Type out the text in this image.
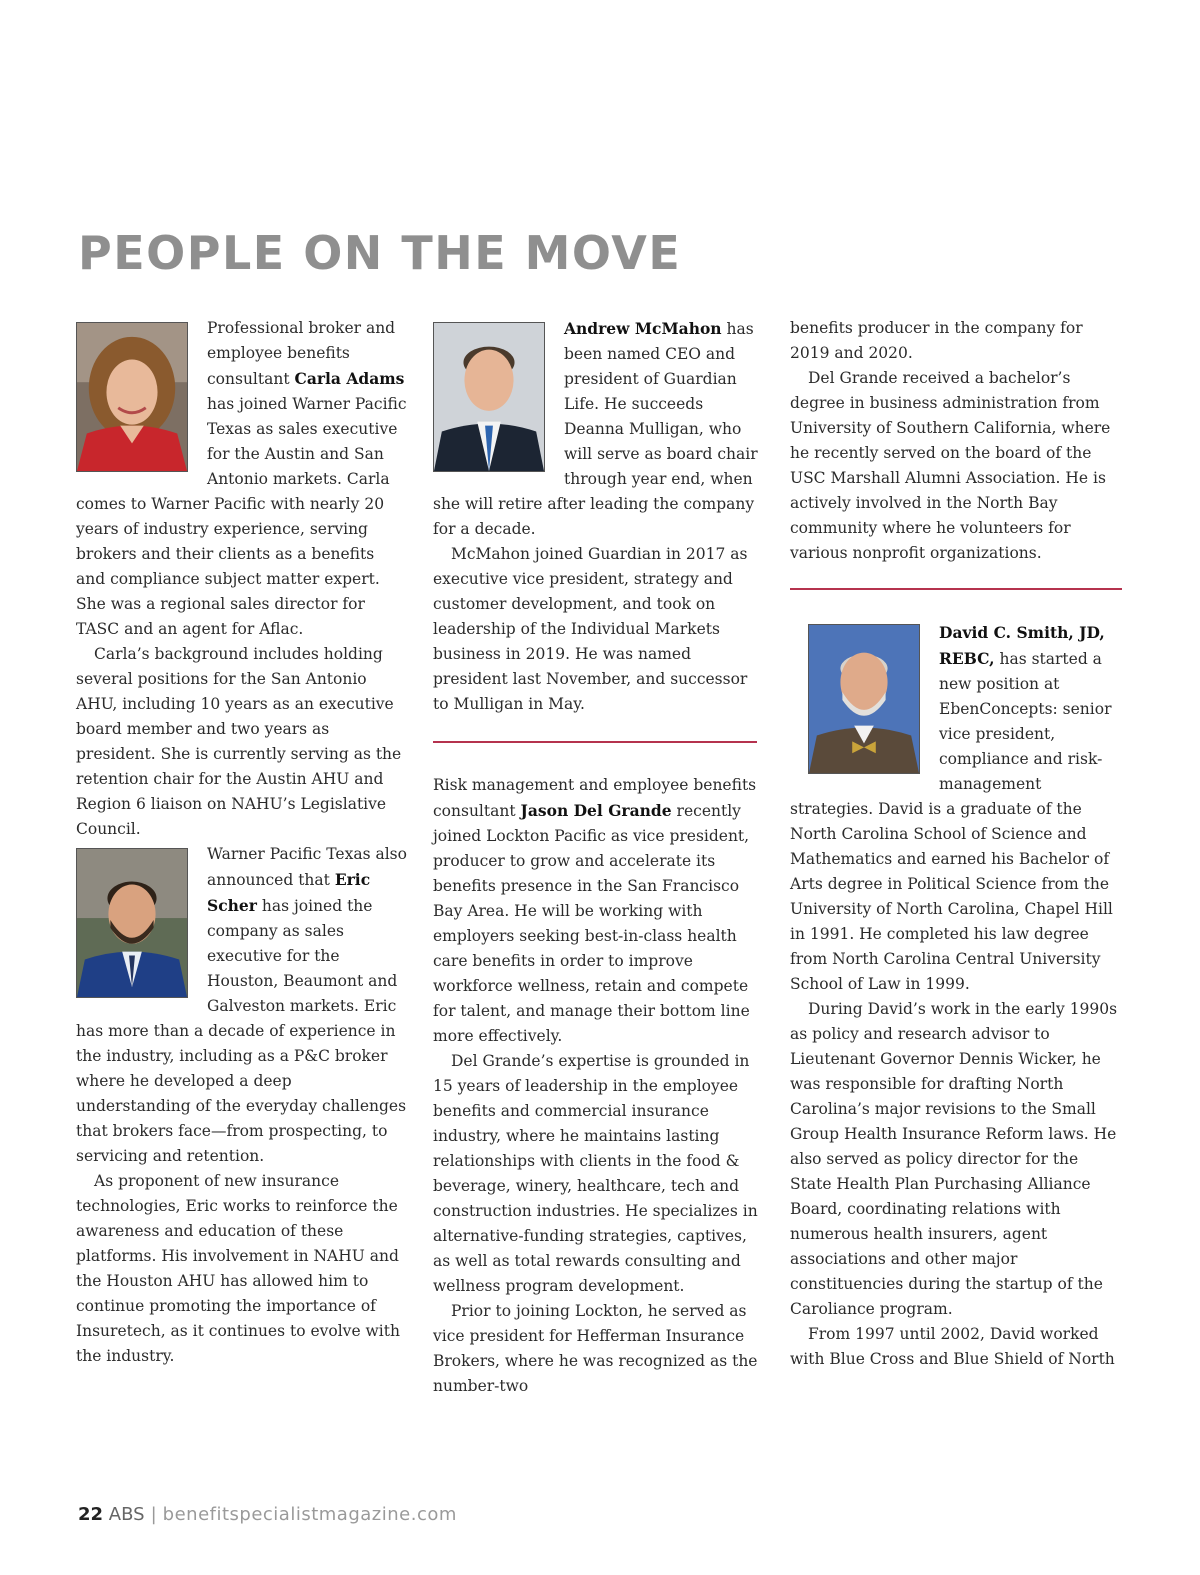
PEOPLE ON THE MOVE

Professional broker and employee benefits consultant Carla Adams has joined Warner Pacific Texas as sales executive for the Austin and San Antonio markets. Carla comes to Warner Pacific with nearly 20 years of industry experience, serving brokers and their clients as a benefits and compliance subject matter expert. She was a regional sales director for TASC and an agent for Aflac.

Carla’s background includes holding several positions for the San Antonio AHU, including 10 years as an executive board member and two years as president. She is currently serving as the retention chair for the Austin AHU and Region 6 liaison on NAHU’s Legislative Council.

Warner Pacific Texas also announced that Eric Scher has joined the company as sales executive for the Houston, Beaumont and Galveston markets. Eric has more than a decade of experience in the industry, including as a P&C broker where he developed a deep understanding of the everyday challenges that brokers face—from prospecting, to servicing and retention.

As proponent of new insurance technologies, Eric works to reinforce the awareness and education of these platforms. His involvement in NAHU and the Houston AHU has allowed him to continue promoting the importance of Insuretech, as it continues to evolve with the industry.

Andrew McMahon has been named CEO and president of Guardian Life. He succeeds Deanna Mulligan, who will serve as board chair through year end, when she will retire after leading the company for a decade.

McMahon joined Guardian in 2017 as executive vice president, strategy and customer development, and took on leadership of the Individual Markets business in 2019. He was named president last November, and successor to Mulligan in May.

Risk management and employee benefits consultant Jason Del Grande recently joined Lockton Pacific as vice president, producer to grow and accelerate its benefits presence in the San Francisco Bay Area. He will be working with employers seeking best-in-class health care benefits in order to improve workforce wellness, retain and compete for talent, and manage their bottom line more effectively.

Del Grande’s expertise is grounded in 15 years of leadership in the employee benefits and commercial insurance industry, where he maintains lasting relationships with clients in the food & beverage, winery, healthcare, tech and construction industries. He specializes in alternative-funding strategies, captives, as well as total rewards consulting and wellness program development.

Prior to joining Lockton, he served as vice president for Hefferman Insurance Brokers, where he was recognized as the number-two

benefits producer in the company for 2019 and 2020.

Del Grande received a bachelor’s degree in business administration from University of Southern California, where he recently served on the board of the USC Marshall Alumni Association. He is actively involved in the North Bay community where he volunteers for various nonprofit organizations.

David C. Smith, JD, REBC, has started a new position at EbenConcepts: senior vice president, compliance and risk-management strategies. David is a graduate of the North Carolina School of Science and Mathematics and earned his Bachelor of Arts degree in Political Science from the University of North Carolina, Chapel Hill in 1991. He completed his law degree from North Carolina Central University School of Law in 1999.

During David’s work in the early 1990s as policy and research advisor to Lieutenant Governor Dennis Wicker, he was responsible for drafting North Carolina’s major revisions to the Small Group Health Insurance Reform laws. He also served as policy director for the State Health Plan Purchasing Alliance Board, coordinating relations with numerous health insurers, agent associations and other major constituencies during the startup of the Caroliance program.

From 1997 until 2002, David worked with Blue Cross and Blue Shield of North

22 ABS | benefitspecialistmagazine.com
